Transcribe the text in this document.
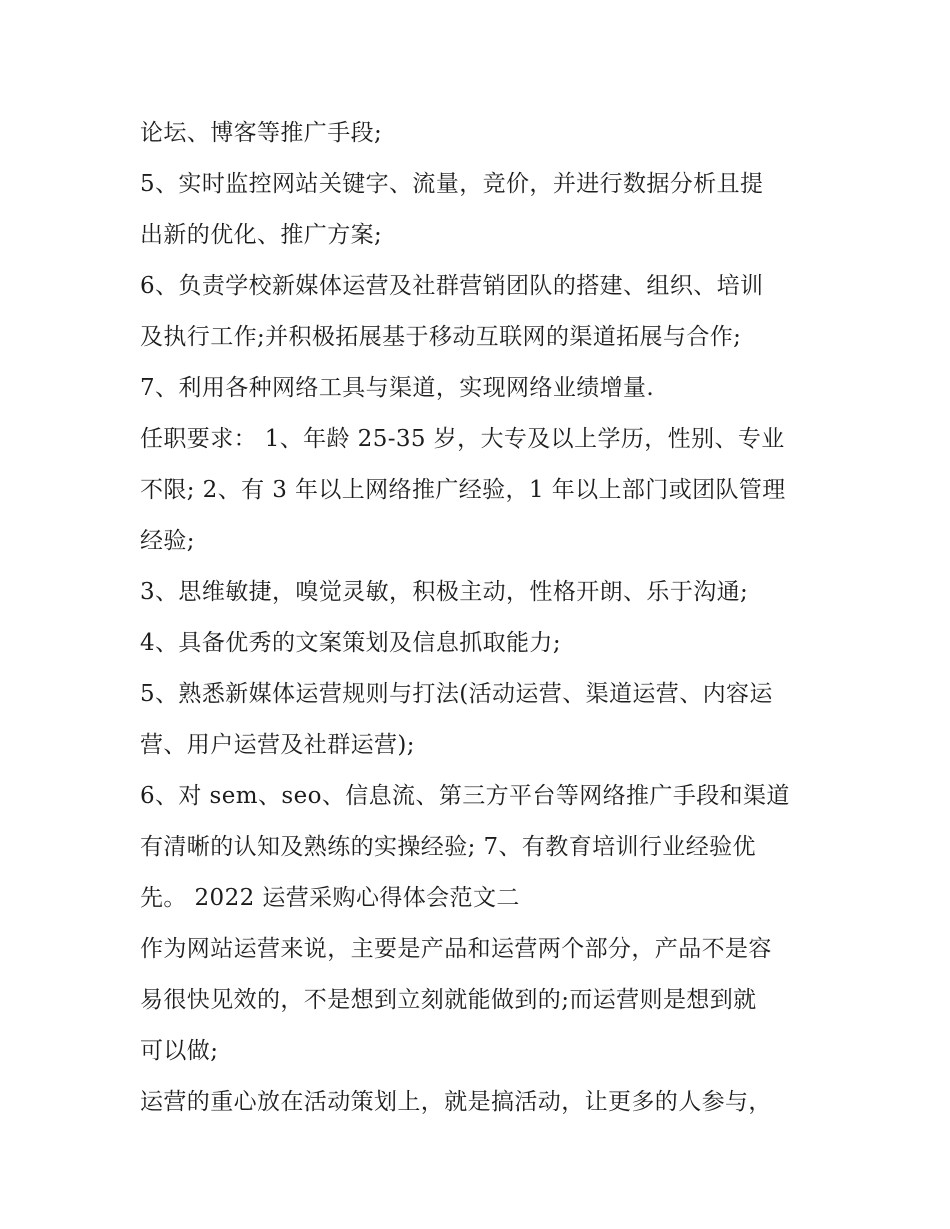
论坛、博客等推广手段;
5、实时监控网站关键字、流量，竞价，并进行数据分析且提
出新的优化、推广方案;
6、负责学校新媒体运营及社群营销团队的搭建、组织、培训
及执行工作;并积极拓展基于移动互联网的渠道拓展与合作;
7、利用各种网络工具与渠道，实现网络业绩增量.
任职要求： 1、年龄 25-35 岁，大专及以上学历，性别、专业
不限; 2、有 3 年以上网络推广经验，1 年以上部门或团队管理
经验;
3、思维敏捷，嗅觉灵敏，积极主动，性格开朗、乐于沟通;
4、具备优秀的文案策划及信息抓取能力;
5、熟悉新媒体运营规则与打法(活动运营、渠道运营、内容运
营、用户运营及社群运营);
6、对 sem、seo、信息流、第三方平台等网络推广手段和渠道
有清晰的认知及熟练的实操经验; 7、有教育培训行业经验优
先。 2022 运营采购心得体会范文二
作为网站运营来说，主要是产品和运营两个部分，产品不是容
易很快见效的，不是想到立刻就能做到的;而运营则是想到就
可以做;
运营的重心放在活动策划上，就是搞活动，让更多的人参与，
